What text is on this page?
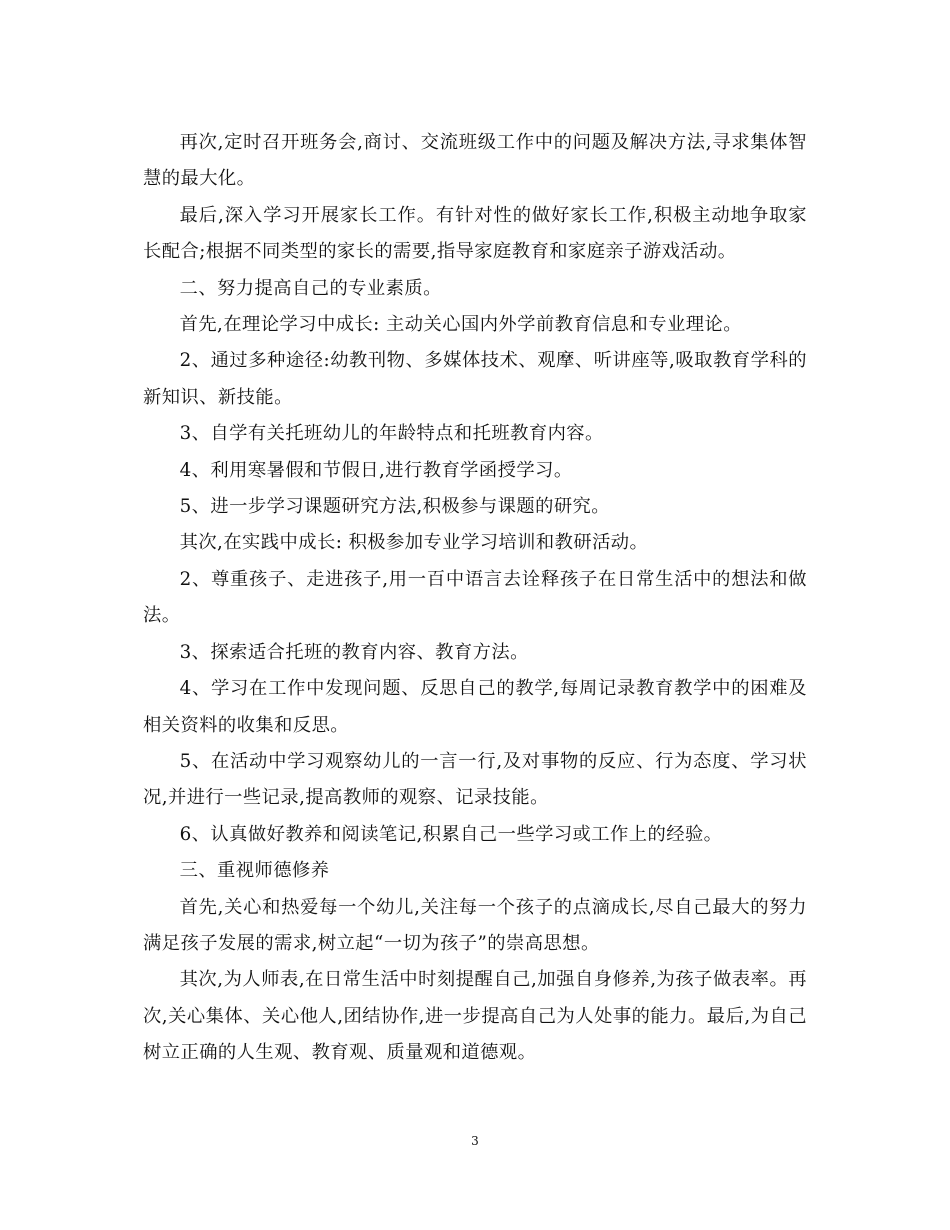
再次,定时召开班务会,商讨、交流班级工作中的问题及解决方法,寻求集体智慧的最大化。

最后,深入学习开展家长工作。有针对性的做好家长工作,积极主动地争取家长配合;根据不同类型的家长的需要,指导家庭教育和家庭亲子游戏活动。

二、努力提高自己的专业素质。

首先,在理论学习中成长: 主动关心国内外学前教育信息和专业理论。

2、通过多种途径:幼教刊物、多媒体技术、观摩、听讲座等,吸取教育学科的新知识、新技能。

3、自学有关托班幼儿的年龄特点和托班教育内容。

4、利用寒暑假和节假日,进行教育学函授学习。

5、进一步学习课题研究方法,积极参与课题的研究。

其次,在实践中成长: 积极参加专业学习培训和教研活动。

2、尊重孩子、走进孩子,用一百中语言去诠释孩子在日常生活中的想法和做法。

3、探索适合托班的教育内容、教育方法。

4、学习在工作中发现问题、反思自己的教学,每周记录教育教学中的困难及相关资料的收集和反思。

5、在活动中学习观察幼儿的一言一行,及对事物的反应、行为态度、学习状况,并进行一些记录,提高教师的观察、记录技能。

6、认真做好教养和阅读笔记,积累自己一些学习或工作上的经验。

三、重视师德修养

首先,关心和热爱每一个幼儿,关注每一个孩子的点滴成长,尽自己最大的努力满足孩子发展的需求,树立起“一切为孩子”的崇高思想。

其次,为人师表,在日常生活中时刻提醒自己,加强自身修养,为孩子做表率。再次,关心集体、关心他人,团结协作,进一步提高自己为人处事的能力。最后,为自己树立正确的人生观、教育观、质量观和道德观。

3
